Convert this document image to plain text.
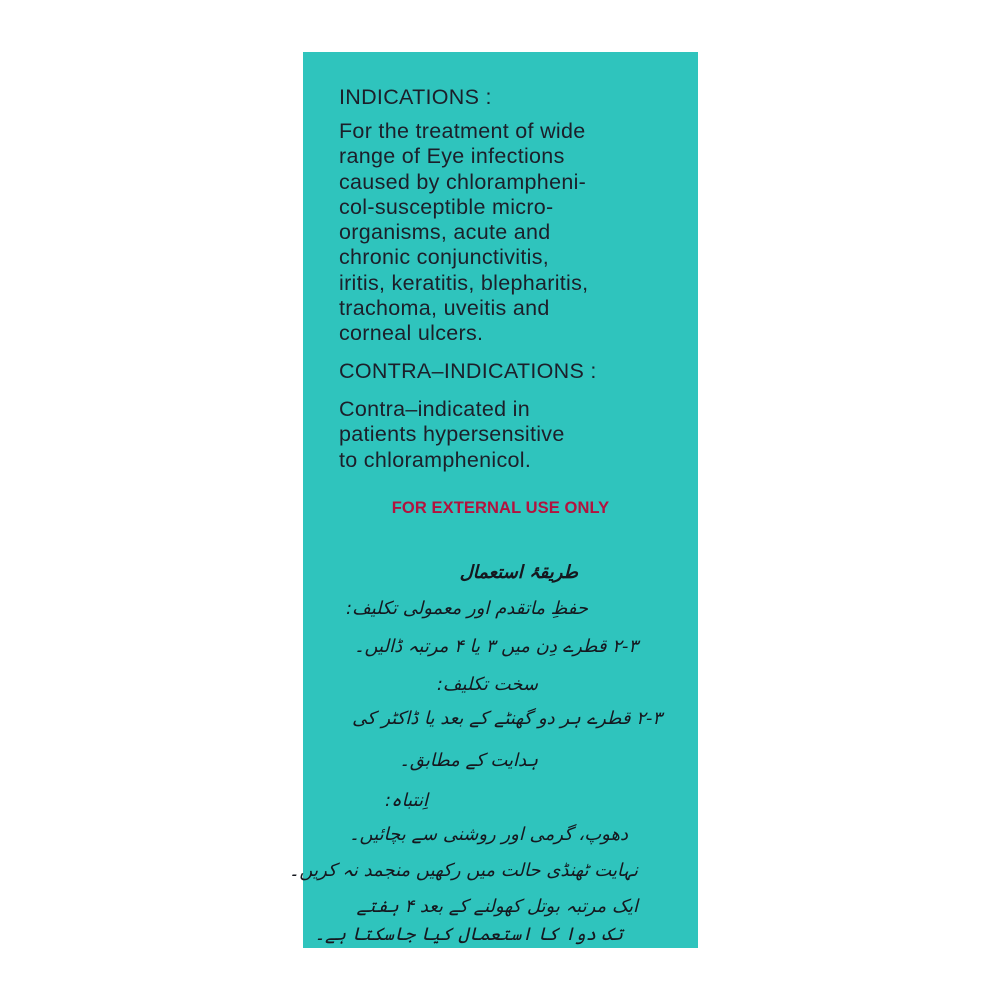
INDICATIONS :
For the treatment of wide
range of Eye infections
caused by chlorampheni-
col-susceptible micro-
organisms, acute and
chronic conjunctivitis,
iritis, keratitis, blepharitis,
trachoma, uveitis and
corneal ulcers.
CONTRA–INDICATIONS :
Contra–indicated in
patients hypersensitive
to chloramphenicol.
FOR EXTERNAL USE ONLY
طریقۂ استعمال
حفظِ ماتقدم اور معمولی تکلیف:
۲-۳ قطرے دِن میں ۳ یا ۴ مرتبہ ڈالیں۔
سخت تکلیف:
۲-۳ قطرے ہر دو گھنٹے کے بعد یا ڈاکٹر کی
ہدایت کے مطابق۔
اِنتباہ:
دھوپ، گرمی اور روشنی سے بچائیں۔
نہایت ٹھنڈی حالت میں رکھیں منجمد نہ کریں۔
ایک مرتبہ بوتل کھولنے کے بعد ۴ ہفتے
تک دوا کا استعمال کیا جاسکتا ہے۔
